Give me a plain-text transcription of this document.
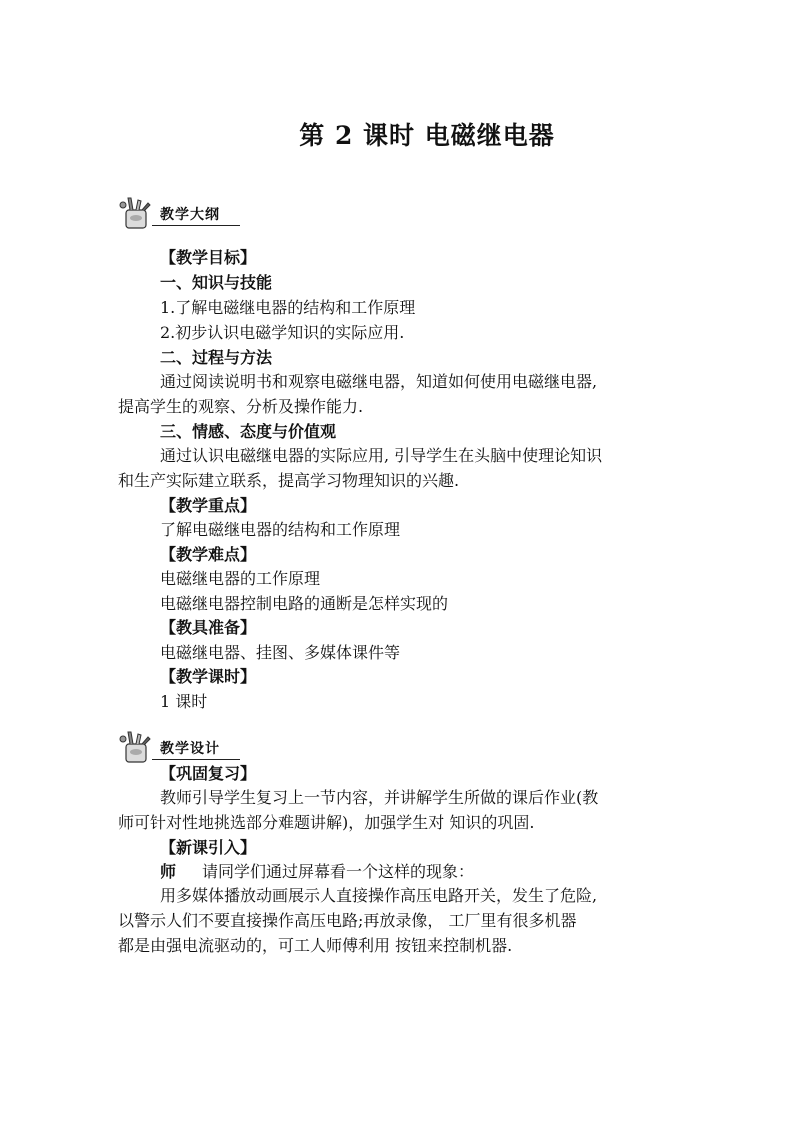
第 2 课时 电磁继电器
教学大纲
【教学目标】
一、知识与技能
1.了解电磁继电器的结构和工作原理
2.初步认识电磁学知识的实际应用.
二、过程与方法
通过阅读说明书和观察电磁继电器，知道如何使用电磁继电器,
提高学生的观察、分析及操作能力.
三、情感、态度与价值观
通过认识电磁继电器的实际应用, 引导学生在头脑中使理论知识
和生产实际建立联系，提高学习物理知识的兴趣.
【教学重点】
了解电磁继电器的结构和工作原理
【教学难点】
电磁继电器的工作原理
电磁继电器控制电路的通断是怎样实现的
【教具准备】
电磁继电器、挂图、多媒体课件等
【教学课时】
1 课时
教学设计
【巩固复习】
教师引导学生复习上一节内容，并讲解学生所做的课后作业(教
师可针对性地挑选部分难题讲解)，加强学生对 知识的巩固.
【新课引入】
师	请同学们通过屏幕看一个这样的现象：
用多媒体播放动画展示人直接操作高压电路开关，发生了危险,
以警示人们不要直接操作高压电路;再放录像， 工厂里有很多机器
都是由强电流驱动的，可工人师傅利用 按钮来控制机器.
